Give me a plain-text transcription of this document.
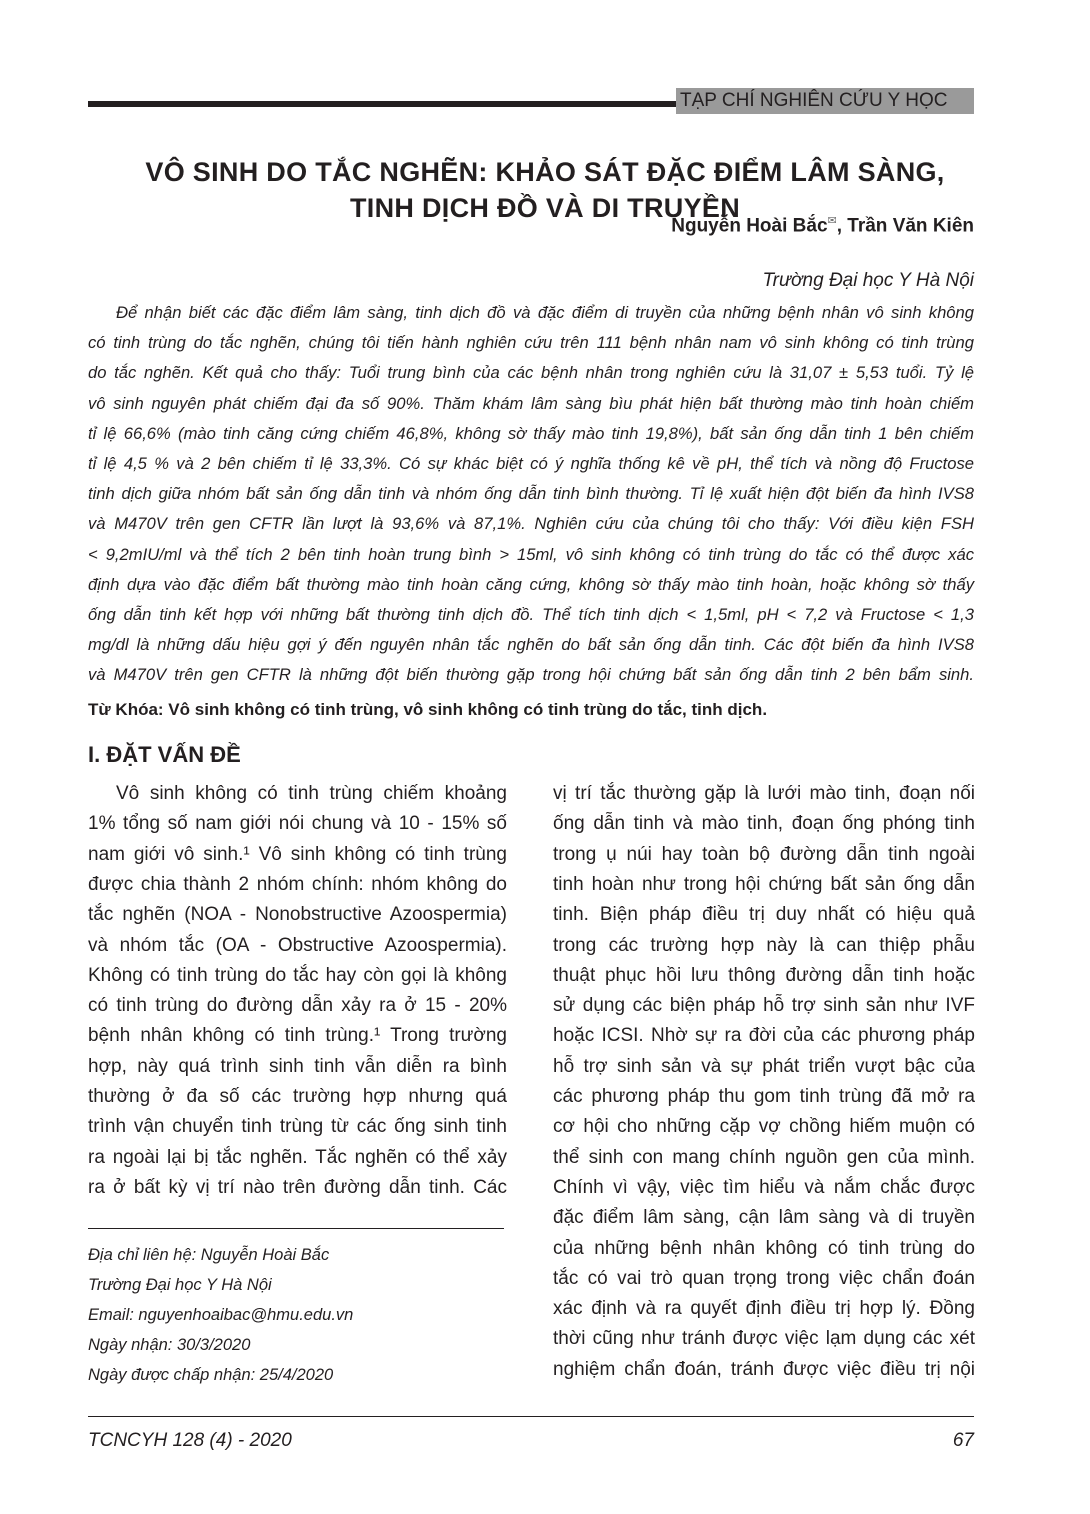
TẠP CHÍ NGHIÊN CỨU Y HỌC
VÔ SINH DO TẮC NGHẼN: KHẢO SÁT ĐẶC ĐIỂM LÂM SÀNG,
TINH DỊCH ĐỒ VÀ DI TRUYỀN
Nguyễn Hoài Bắc✉, Trần Văn Kiên
Trường Đại học Y Hà Nội
Để nhận biết các đặc điểm lâm sàng, tinh dịch đồ và đặc điểm di truyền của những bệnh nhân vô sinh không
có tinh trùng do tắc nghẽn, chúng tôi tiến hành nghiên cứu trên 111 bệnh nhân nam vô sinh không có tinh trùng
do tắc nghẽn. Kết quả cho thấy: Tuổi trung bình của các bệnh nhân trong nghiên cứu là 31,07 ± 5,53 tuổi. Tỷ lệ
vô sinh nguyên phát chiếm đại đa số 90%. Thăm khám lâm sàng bìu phát hiện bất thường mào tinh hoàn chiếm
tỉ lệ 66,6% (mào tinh căng cứng chiếm 46,8%, không sờ thấy mào tinh 19,8%), bất sản ống dẫn tinh 1 bên chiếm
tỉ lệ 4,5 % và 2 bên chiếm tỉ lệ 33,3%. Có sự khác biệt có ý nghĩa thống kê về pH, thể tích và nồng độ Fructose
tinh dịch giữa nhóm bất sản ống dẫn tinh và nhóm ống dẫn tinh bình thường. Tỉ lệ xuất hiện đột biến đa hình IVS8
và M470V trên gen CFTR lần lượt là 93,6% và 87,1%. Nghiên cứu của chúng tôi cho thấy: Với điều kiện FSH
< 9,2mIU/ml và thể tích 2 bên tinh hoàn trung bình > 15ml, vô sinh không có tinh trùng do tắc có thể được xác
định dựa vào đặc điểm bất thường mào tinh hoàn căng cứng, không sờ thấy mào tinh hoàn, hoặc không sờ thấy
ống dẫn tinh kết hợp với những bất thường tinh dịch đồ. Thể tích tinh dịch < 1,5ml, pH < 7,2 và Fructose < 1,3
mg/dl là những dấu hiệu gợi ý đến nguyên nhân tắc nghẽn do bất sản ống dẫn tinh. Các đột biến đa hình IVS8
và M470V trên gen CFTR là những đột biến thường gặp trong hội chứng bất sản ống dẫn tinh 2 bên bẩm sinh.
Từ Khóa: Vô sinh không có tinh trùng, vô sinh không có tinh trùng do tắc, tinh dịch.
I. ĐẶT VẤN ĐỀ
Vô sinh không có tinh trùng chiếm khoảng
1% tổng số nam giới nói chung và 10 - 15% số
nam giới vô sinh.¹ Vô sinh không có tinh trùng
được chia thành 2 nhóm chính: nhóm không do
tắc nghẽn (NOA - Nonobstructive Azoospermia)
và nhóm tắc (OA - Obstructive Azoospermia).
Không có tinh trùng do tắc hay còn gọi là không
có tinh trùng do đường dẫn xảy ra ở 15 - 20%
bệnh nhân không có tinh trùng.¹ Trong trường
hợp, này quá trình sinh tinh vẫn diễn ra bình
thường ở đa số các trường hợp nhưng quá
trình vận chuyển tinh trùng từ các ống sinh tinh
ra ngoài lại bị tắc nghẽn. Tắc nghẽn có thể xảy
ra ở bất kỳ vị trí nào trên đường dẫn tinh. Các
vị trí tắc thường gặp là lưới mào tinh, đoạn nối
ống dẫn tinh và mào tinh, đoạn ống phóng tinh
trong ụ núi hay toàn bộ đường dẫn tinh ngoài
tinh hoàn như trong hội chứng bất sản ống dẫn
tinh. Biện pháp điều trị duy nhất có hiệu quả
trong các trường hợp này là can thiệp phẫu
thuật phục hồi lưu thông đường dẫn tinh hoặc
sử dụng các biện pháp hỗ trợ sinh sản như IVF
hoặc ICSI. Nhờ sự ra đời của các phương pháp
hỗ trợ sinh sản và sự phát triển vượt bậc của
các phương pháp thu gom tinh trùng đã mở ra
cơ hội cho những cặp vợ chồng hiếm muộn có
thể sinh con mang chính nguồn gen của mình.
Chính vì vậy, việc tìm hiểu và nắm chắc được
đặc điểm lâm sàng, cận lâm sàng và di truyền
của những bệnh nhân không có tinh trùng do
tắc có vai trò quan trọng trong việc chẩn đoán
xác định và ra quyết định điều trị hợp lý. Đồng
thời cũng như tránh được việc lạm dụng các xét
nghiệm chẩn đoán, tránh được việc điều trị nội
Địa chỉ liên hệ: Nguyễn Hoài Bắc
Trường Đại học Y Hà Nội
Email: nguyenhoaibac@hmu.edu.vn
Ngày nhận: 30/3/2020
Ngày được chấp nhận: 25/4/2020
TCNCYH 128 (4) - 2020	67
